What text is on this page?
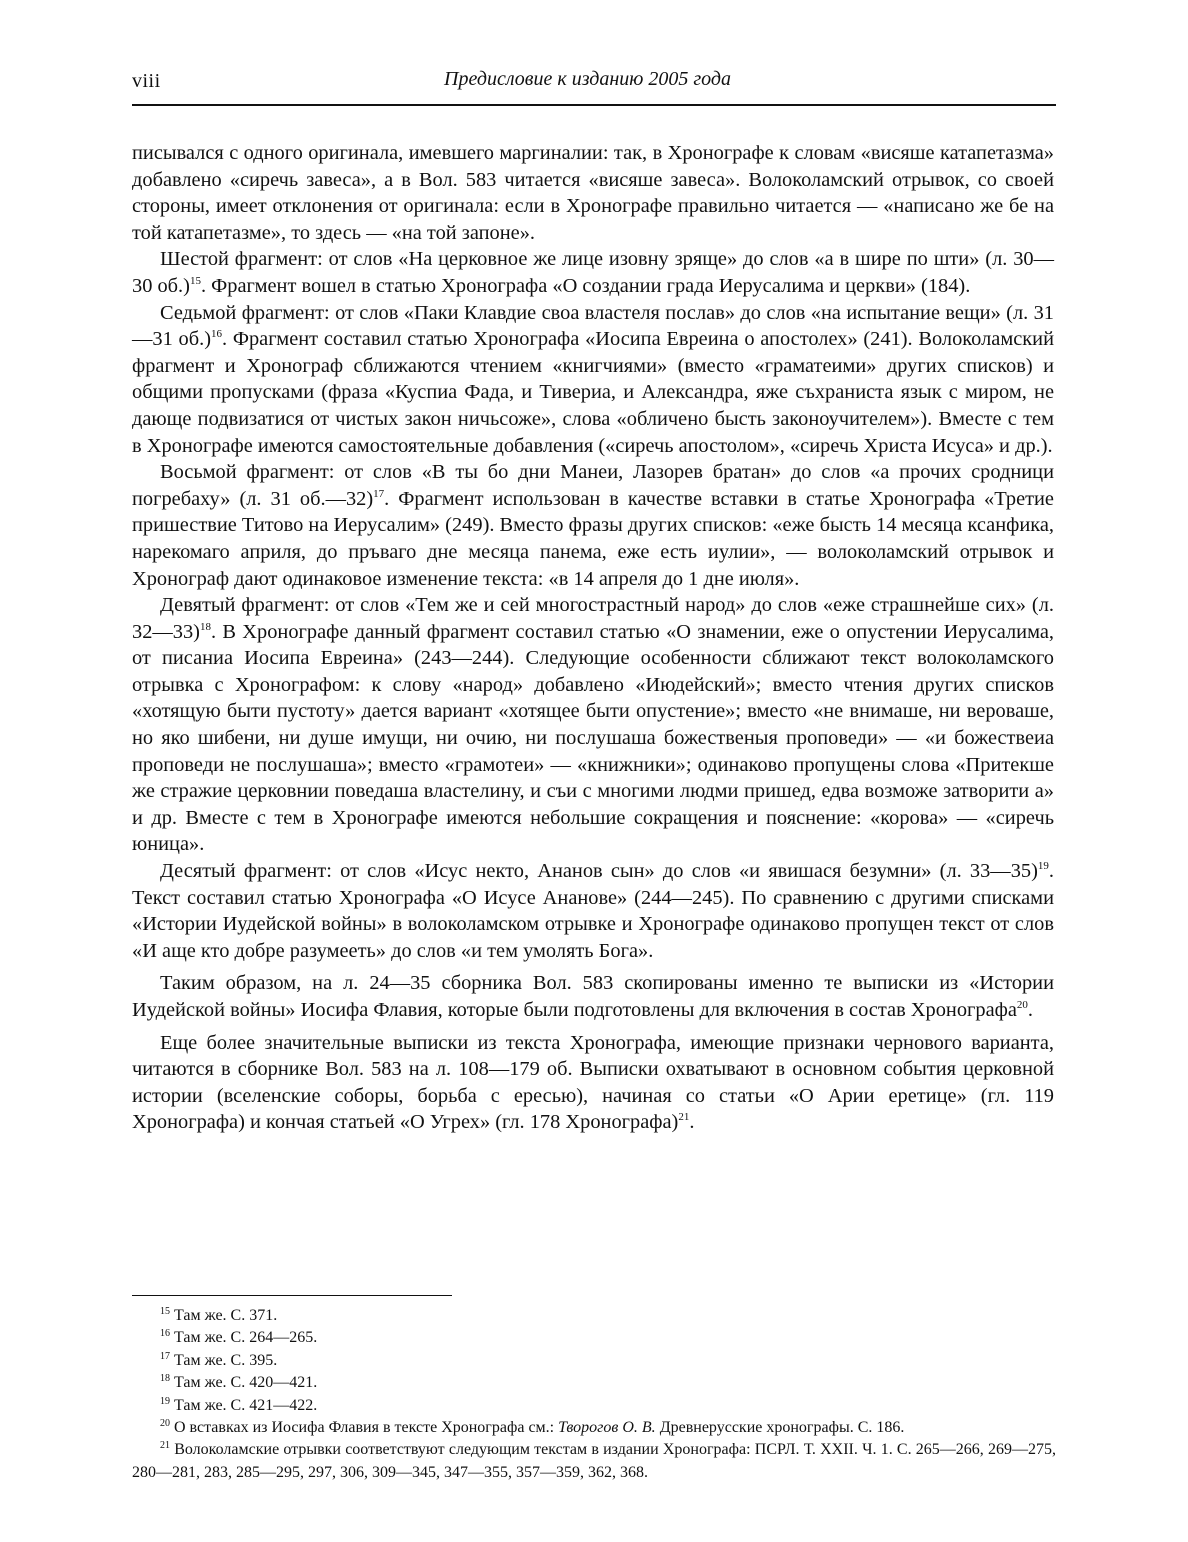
viii	Предисловие к изданию 2005 года

писывался с одного оригинала, имевшего маргиналии: так, в Хронографе к словам «висяше катапетазма» добавлено «сиречь завеса», а в Вол. 583 читается «висяше завеса». Волоколамский отрывок, со своей стороны, имеет отклонения от оригинала: если в Хронографе правильно читается — «написано же бе на той катапетазме», то здесь — «на той запоне».

Шестой фрагмент: от слов «На церковное же лице изовну зряще» до слов «а в шире по шти» (л. 30—30 об.)$^{15}$. Фрагмент вошел в статью Хронографа «О создании града Иерусалима и церкви» (184).

Седьмой фрагмент: от слов «Паки Клавдие своа властеля послав» до слов «на испытание вещи» (л. 31—31 об.)$^{16}$. Фрагмент составил статью Хронографа «Иосипа Евреина о апостолех» (241). Волоколамский фрагмент и Хронограф сближаются чтением «книгчиями» (вместо «граматеими» других списков) и общими пропусками (фраза «Куспиа Фада, и Тивериа, и Александра, яже съхраниста язык с миром, не дающе подвизатися от чистых закон ничьсоже», слова «обличено бысть законоучителем»). Вместе с тем в Хронографе имеются самостоятельные добавления («сиречь апостолом», «сиречь Христа Исуса» и др.).

Восьмой фрагмент: от слов «В ты бо дни Манеи, Лазорев братан» до слов «а прочих сродници погребаху» (л. 31 об.—32)$^{17}$. Фрагмент использован в качестве вставки в статье Хронографа «Третие пришествие Титово на Иерусалим» (249). Вместо фразы других списков: «еже бысть 14 месяца ксанфика, нарекомаго априля, до пръваго дне месяца панема, еже есть иулии», — волоколамский отрывок и Хронограф дают одинаковое изменение текста: «в 14 апреля до 1 дне июля».

Девятый фрагмент: от слов «Тем же и сей многострастный народ» до слов «еже страшнейше сих» (л. 32—33)$^{18}$. В Хронографе данный фрагмент составил статью «О знамении, еже о опустении Иерусалима, от писаниа Иосипа Евреина» (243—244). Следующие особенности сближают текст волоколамского отрывка с Хронографом: к слову «народ» добавлено «Июдейский»; вместо чтения других списков «хотящую быти пустоту» дается вариант «хотящее быти опустение»; вместо «не внимаше, ни вероваше, но яко шибени, ни душе имущи, ни очию, ни послушаша божественыя проповеди» — «и божествеиа проповеди не послушаша»; вместо «грамотеи» — «книжники»; одинаково пропущены слова «Притекше же стражие церковнии поведаша властелину, и съи с многими людми пришед, едва возможе затворити а» и др. Вместе с тем в Хронографе имеются небольшие сокращения и пояснение: «корова» — «сиречь юница».

Десятый фрагмент: от слов «Исус некто, Ананов сын» до слов «и явишася безумни» (л. 33—35)$^{19}$. Текст составил статью Хронографа «О Исусе Ананове» (244—245). По сравнению с другими списками «Истории Иудейской войны» в волоколамском отрывке и Хронографе одинаково пропущен текст от слов «И аще кто добре разумееть» до слов «и тем умолять Бога».

Таким образом, на л. 24—35 сборника Вол. 583 скопированы именно те выписки из «Истории Иудейской войны» Иосифа Флавия, которые были подготовлены для включения в состав Хронографа$^{20}$.

Еще более значительные выписки из текста Хронографа, имеющие признаки чернового варианта, читаются в сборнике Вол. 583 на л. 108—179 об. Выписки охватывают в основном события церковной истории (вселенские соборы, борьба с ересью), начиная со статьи «О Арии еретице» (гл. 119 Хронографа) и кончая статьей «О Угрех» (гл. 178 Хронографа)$^{21}$.

$^{15}$ Там же. С. 371.

$^{16}$ Там же. С. 264—265.

$^{17}$ Там же. С. 395.

$^{18}$ Там же. С. 420—421.

$^{19}$ Там же. С. 421—422.

$^{20}$ О вставках из Иосифа Флавия в тексте Хронографа см.: Творогов О. В. Древнерусские хронографы. С. 186.

$^{21}$ Волоколамские отрывки соответствуют следующим текстам в издании Хронографа: ПСРЛ. Т. XXII. Ч. 1. С. 265—266, 269—275, 280—281, 283, 285—295, 297, 306, 309—345, 347—355, 357—359, 362, 368.
